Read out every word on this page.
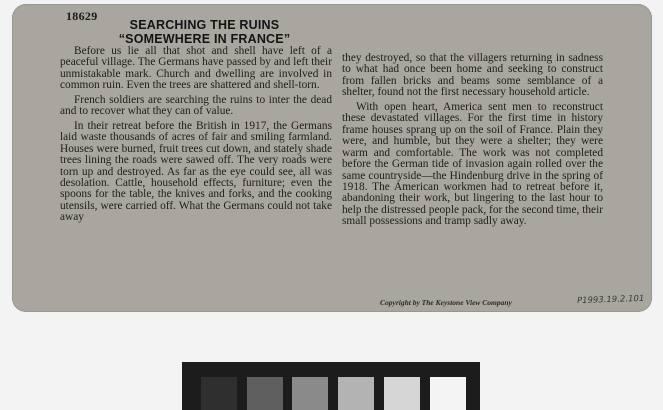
18629
SEARCHING THE RUINS
“SOMEWHERE IN FRANCE”

Before us lie all that shot and shell have left of a peaceful village. The Germans have passed by and left their unmistakable mark. Church and dwelling are involved in common ruin. Even the trees are shattered and shell-torn.

French soldiers are searching the ruins to inter the dead and to recover what they can of value.

In their retreat before the British in 1917, the Germans laid waste thousands of acres of fair and smiling farmland. Houses were burned, fruit trees cut down, and stately shade trees lining the roads were sawed off. The very roads were torn up and destroyed. As far as the eye could see, all was desolation. Cattle, household effects, furniture; even the spoons for the table, the knives and forks, and the cooking utensils, were carried off. What the Germans could not take away

they destroyed, so that the villagers returning in sadness to what had once been home and seeking to construct from fallen bricks and beams some semblance of a shelter, found not the first necessary household article.

With open heart, America sent men to reconstruct these devastated villages. For the first time in history frame houses sprang up on the soil of France. Plain they were, and humble, but they were a shelter; they were warm and comfortable. The work was not completed before the German tide of invasion again rolled over the same countryside—the Hindenburg drive in the spring of 1918. The American workmen had to retreat before it, abandoning their work, but lingering to the last hour to help the distressed people pack, for the second time, their small possessions and tramp sadly away.

Copyright by The Keystone View Company	P1993.19.2.101
